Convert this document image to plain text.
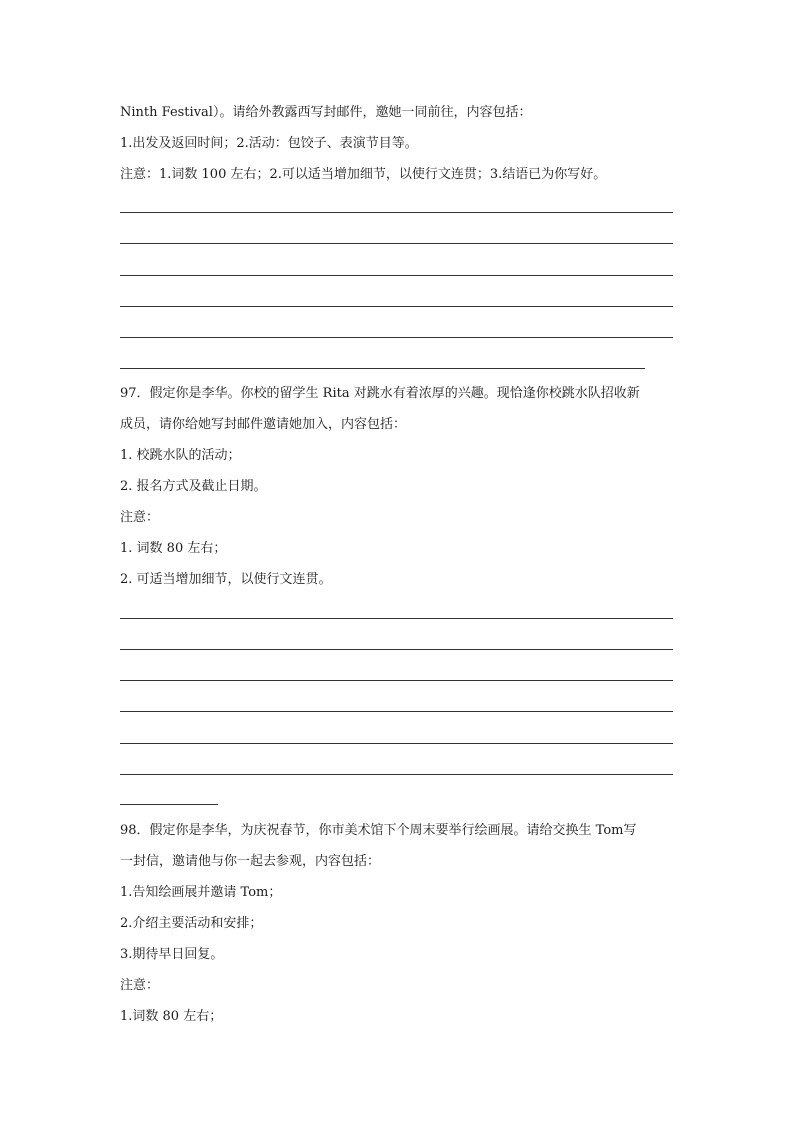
Ninth Festival）。请给外教露西写封邮件，邀她一同前往，内容包括：
1.出发及返回时间；2.活动：包饺子、表演节目等。
注意：1.词数 100 左右；2.可以适当增加细节，以使行文连贯；3.结语已为你写好。
97．假定你是李华。你校的留学生 Rita 对跳水有着浓厚的兴趣。现恰逢你校跳水队招收新
成员，请你给她写封邮件邀请她加入，内容包括：
1. 校跳水队的活动；
2. 报名方式及截止日期。
注意：
1. 词数 80 左右；
2. 可适当增加细节，以使行文连贯。
98．假定你是李华，为庆祝春节，你市美术馆下个周末要举行绘画展。请给交换生 Tom写
一封信，邀请他与你一起去参观，内容包括：
1.告知绘画展并邀请 Tom；
2.介绍主要活动和安排；
3.期待早日回复。
注意：
1.词数 80 左右；
